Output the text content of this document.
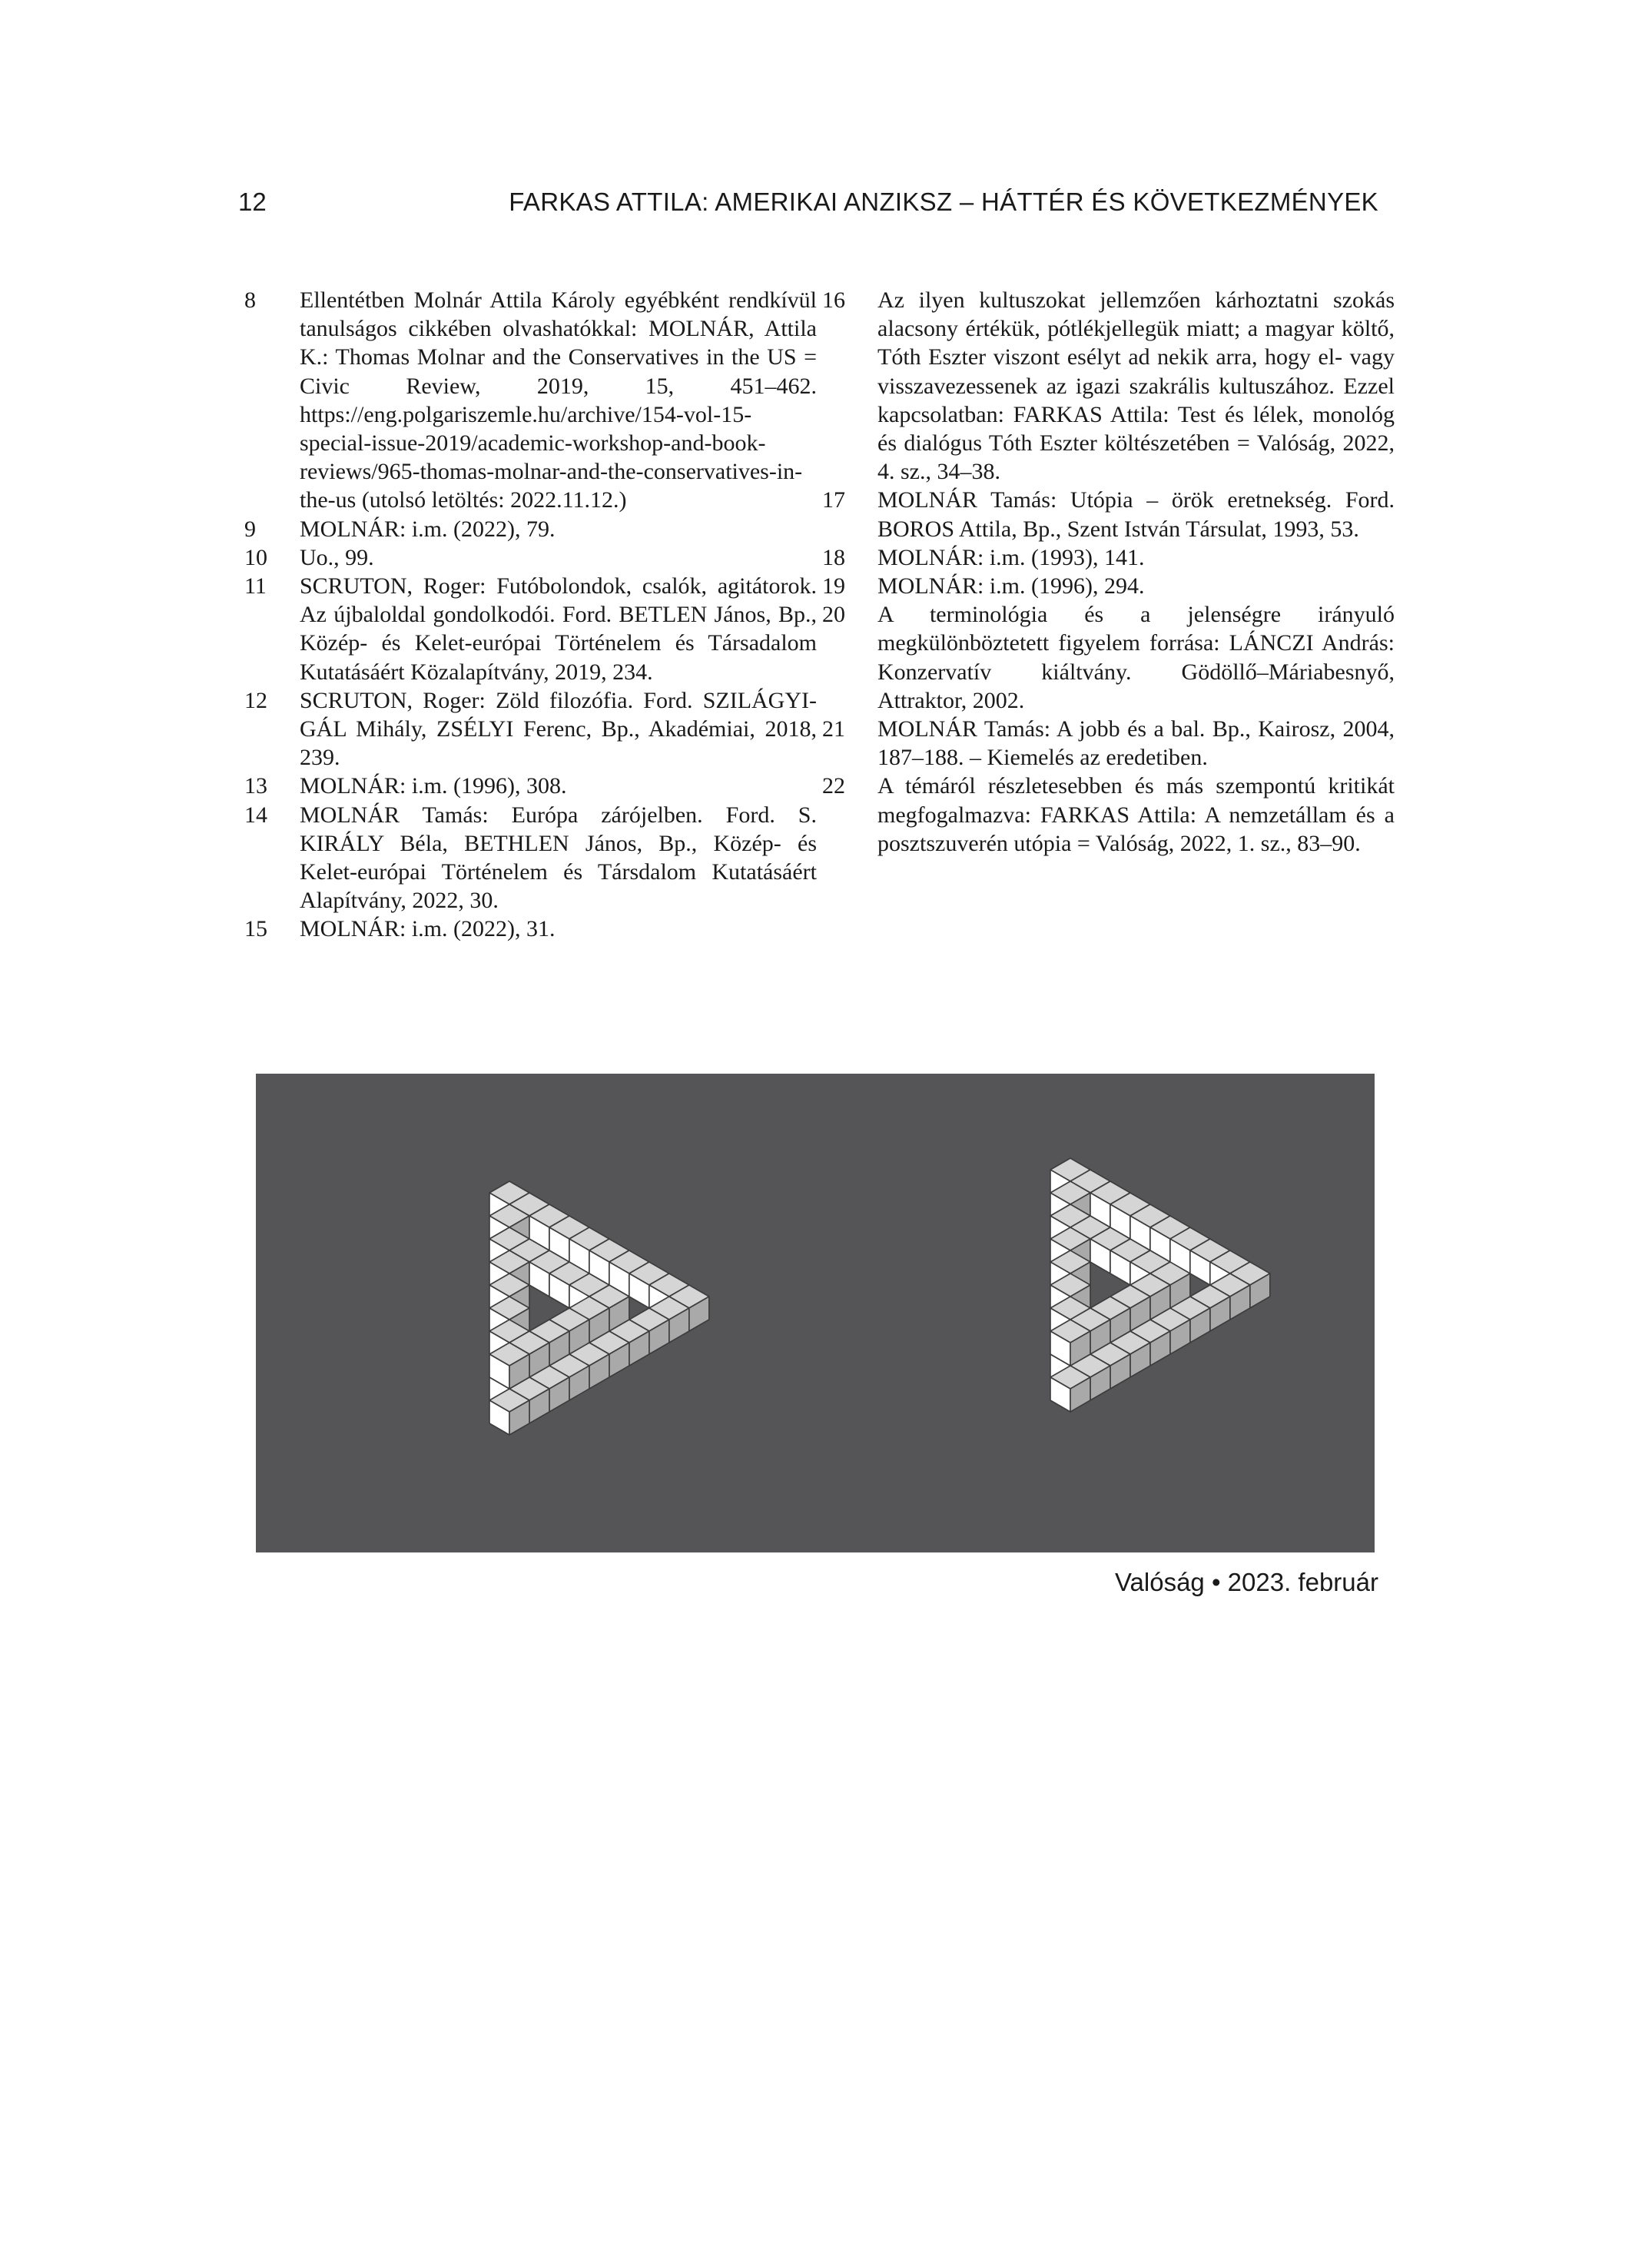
12	FARKAS ATTILA: AMERIKAI ANZIKSZ – HÁTTÉR ÉS KÖVETKEZMÉNYEK
8 Ellentétben Molnár Attila Károly egyébként rendkívül tanulságos cikkében olvashatókkal: MOLNÁR, Attila K.: Thomas Molnar and the Conservatives in the US = Civic Review, 2019, 15, 451–462. https://eng.polgariszemle.hu/archive/154-vol-15-special-issue-2019/academic-workshop-and-book-reviews/965-thomas-molnar-and-the-conservatives-in-the-us (utolsó letöltés: 2022.11.12.)
9 MOLNÁR: i.m. (2022), 79.
10 Uo., 99.
11 SCRUTON, Roger: Futóbolondok, csalók, agitátorok. Az újbaloldal gondolkodói. Ford. BETLEN János, Bp., Közép- és Kelet-európai Történelem és Társadalom Kutatásáért Közalapítvány, 2019, 234.
12 SCRUTON, Roger: Zöld filozófia. Ford. SZILÁGYI-GÁL Mihály, ZSÉLYI Ferenc, Bp., Akadémiai, 2018, 239.
13 MOLNÁR: i.m. (1996), 308.
14 MOLNÁR Tamás: Európa zárójelben. Ford. S. KIRÁLY Béla, BETHLEN János, Bp., Közép- és Kelet-európai Történelem és Társdalom Kutatásáért Alapítvány, 2022, 30.
15 MOLNÁR: i.m. (2022), 31.
16 Az ilyen kultuszokat jellemzően kárhoztatni szokás alacsony értékük, pótlékjellegük miatt; a magyar költő, Tóth Eszter viszont esélyt ad nekik arra, hogy el- vagy visszavezessenek az igazi szakrális kultuszához. Ezzel kapcsolatban: FARKAS Attila: Test és lélek, monológ és dialógus Tóth Eszter költészetében = Valóság, 2022, 4. sz., 34–38.
17 MOLNÁR Tamás: Utópia – örök eretnekség. Ford. BOROS Attila, Bp., Szent István Társulat, 1993, 53.
18 MOLNÁR: i.m. (1993), 141.
19 MOLNÁR: i.m. (1996), 294.
20 A terminológia és a jelenségre irányuló megkülönböztetett figyelem forrása: LÁNCZI András: Konzervatív kiáltvány. Gödöllő–Máriabesnyő, Attraktor, 2002.
21 MOLNÁR Tamás: A jobb és a bal. Bp., Kairosz, 2004, 187–188. – Kiemelés az eredetiben.
22 A témáról részletesebben és más szempontú kritikát megfogalmazva: FARKAS Attila: A nemzetállam és a posztszuverén utópia = Valóság, 2022, 1. sz., 83–90.
Valóság • 2023. február
